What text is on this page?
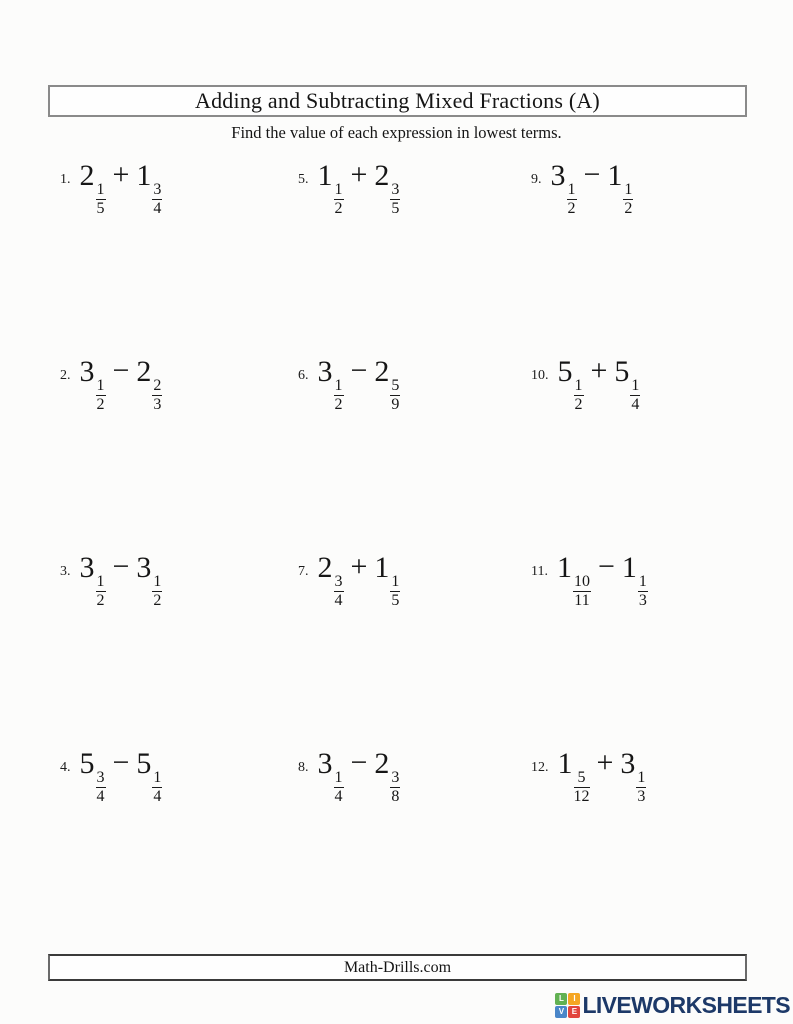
Adding and Subtracting Mixed Fractions (A)
Find the value of each expression in lowest terms.
1. 2
$\frac{1}{5}$
+ 1
$\frac{3}{4}$
2. 3
$\frac{1}{2}$
− 2
$\frac{2}{3}$
3. 3
$\frac{1}{2}$
− 3
$\frac{1}{2}$
4. 5
$\frac{3}{4}$
− 5
$\frac{1}{4}$
5. 1
$\frac{1}{2}$
+ 2
$\frac{3}{5}$
6. 3
$\frac{1}{2}$
− 2
$\frac{5}{9}$
7. 2
$\frac{3}{4}$
+ 1
$\frac{1}{5}$
8. 3
$\frac{1}{4}$
− 2
$\frac{3}{8}$
9. 3
$\frac{1}{2}$
− 1
$\frac{1}{2}$
10. 5
$\frac{1}{2}$
+ 5
$\frac{1}{4}$
11. 1
$\frac{10}{11}$
− 1
$\frac{1}{3}$
12. 1
$\frac{5}{12}$
+ 3
$\frac{1}{3}$
Math-Drills.com
L	I
V E LIVEWORKSHEETS
